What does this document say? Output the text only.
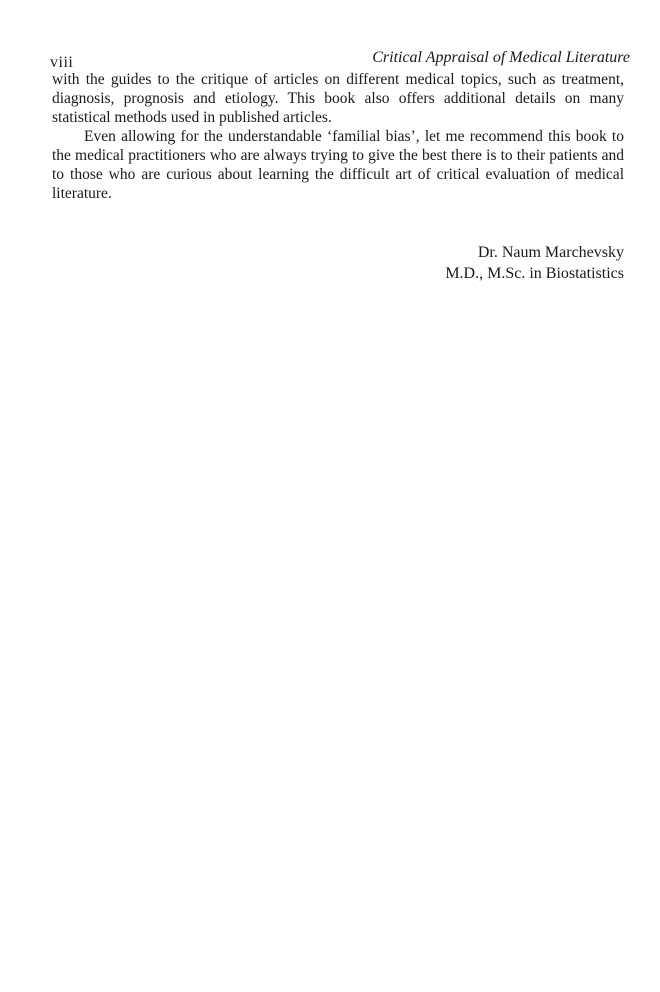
viii	Critical Appraisal of Medical Literature

with the guides to the critique of articles on different medical topics, such as treatment, diagnosis, prognosis and etiology. This book also offers additional details on many statistical methods used in published articles.

Even allowing for the understandable ‘familial bias’, let me recommend this book to the medical practitioners who are always trying to give the best there is to their patients and to those who are curious about learning the difficult art of critical evaluation of medical literature.

Dr. Naum Marchevsky
M.D., M.Sc. in Biostatistics
